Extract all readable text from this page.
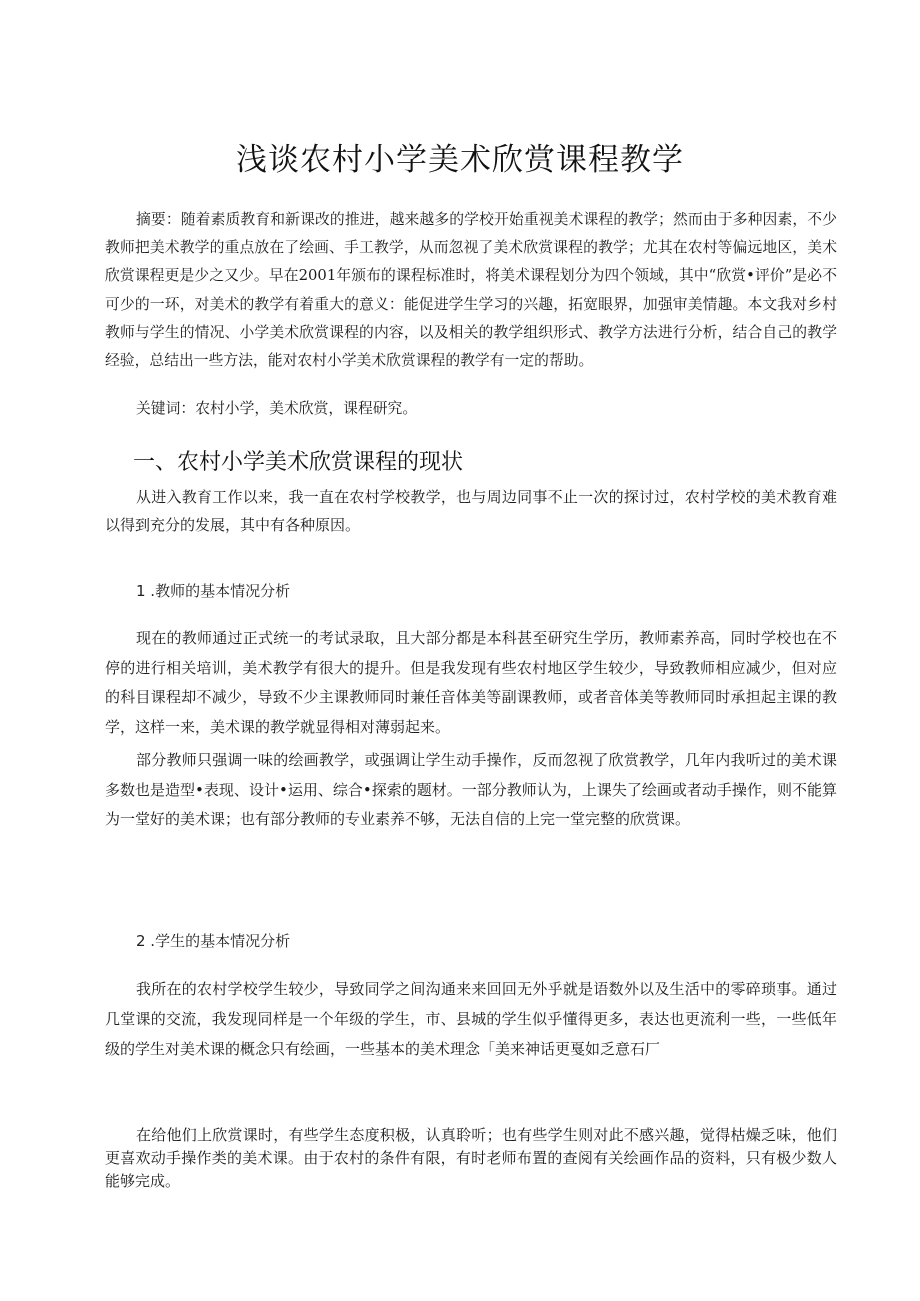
浅谈农村小学美术欣赏课程教学

摘要：随着素质教育和新课改的推进，越来越多的学校开始重视美术课程的教学；然而由于多种因素，不少教师把美术教学的重点放在了绘画、手工教学，从而忽视了美术欣赏课程的教学；尤其在农村等偏远地区，美术欣赏课程更是少之又少。早在2001年颁布的课程标准时，将美术课程划分为四个领域，其中“欣赏•评价”是必不可少的一环，对美术的教学有着重大的意义：能促进学生学习的兴趣，拓宽眼界，加强审美情趣。本文我对乡村教师与学生的情况、小学美术欣赏课程的内容，以及相关的教学组织形式、教学方法进行分析，结合自己的教学经验，总结出一些方法，能对农村小学美术欣赏课程的教学有一定的帮助。

关键词：农村小学，美术欣赏，课程研究。

一、农村小学美术欣赏课程的现状

从进入教育工作以来，我一直在农村学校教学，也与周边同事不止一次的探讨过，农村学校的美术教育难以得到充分的发展，其中有各种原因。

1 .教师的基本情况分析

现在的教师通过正式统一的考试录取，且大部分都是本科甚至研究生学历，教师素养高，同时学校也在不停的进行相关培训，美术教学有很大的提升。但是我发现有些农村地区学生较少，导致教师相应减少，但对应的科目课程却不减少，导致不少主课教师同时兼任音体美等副课教师，或者音体美等教师同时承担起主课的教学，这样一来，美术课的教学就显得相对薄弱起来。

部分教师只强调一味的绘画教学，或强调让学生动手操作，反而忽视了欣赏教学，几年内我听过的美术课多数也是造型•表现、设计•运用、综合•探索的题材。一部分教师认为，上课失了绘画或者动手操作，则不能算为一堂好的美术课；也有部分教师的专业素养不够，无法自信的上完一堂完整的欣赏课。

2 .学生的基本情况分析

我所在的农村学校学生较少，导致同学之间沟通来来回回无外乎就是语数外以及生活中的零碎琐事。通过几堂课的交流，我发现同样是一个年级的学生，市、县城的学生似乎懂得更多，表达也更流利一些，一些低年级的学生对美术课的概念只有绘画，一些基本的美术理念「美来神话更戛如乏意石厂

在给他们上欣赏课时，有些学生态度积极，认真聆听；也有些学生则对此不感兴趣，觉得枯燥乏味，他们更喜欢动手操作类的美术课。由于农村的条件有限，有时老师布置的查阅有关绘画作品的资料，只有极少数人能够完成。
